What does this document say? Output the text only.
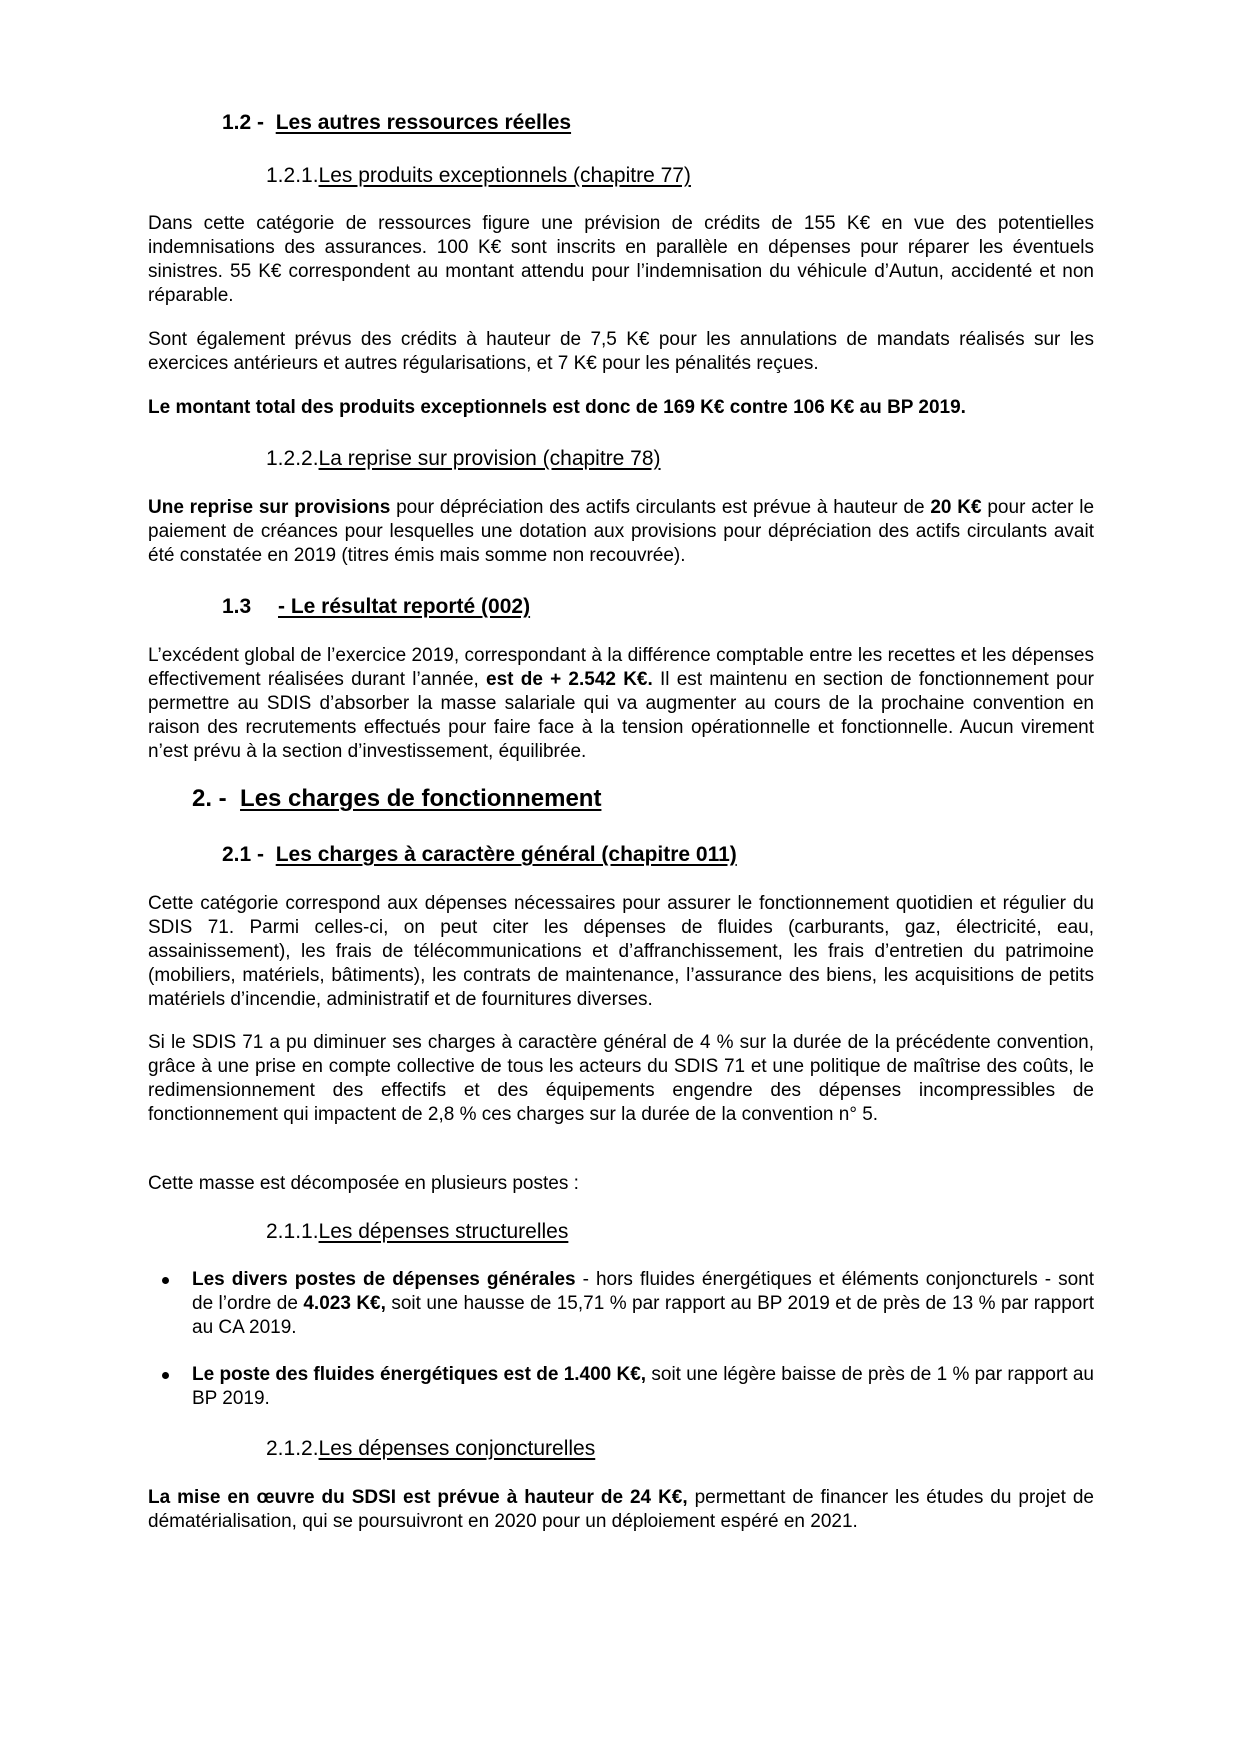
1.2 - Les autres ressources réelles
1.2.1.Les produits exceptionnels (chapitre 77)
Dans cette catégorie de ressources figure une prévision de crédits de 155 K€ en vue des potentielles indemnisations des assurances. 100 K€ sont inscrits en parallèle en dépenses pour réparer les éventuels sinistres. 55 K€ correspondent au montant attendu pour l’indemnisation du véhicule d’Autun, accidenté et non réparable.
Sont également prévus des crédits à hauteur de 7,5 K€ pour les annulations de mandats réalisés sur les exercices antérieurs et autres régularisations, et 7 K€ pour les pénalités reçues.
Le montant total des produits exceptionnels est donc de 169 K€ contre 106 K€ au BP 2019.
1.2.2.La reprise sur provision (chapitre 78)
Une reprise sur provisions pour dépréciation des actifs circulants est prévue à hauteur de 20 K€ pour acter le paiement de créances pour lesquelles une dotation aux provisions pour dépréciation des actifs circulants avait été constatée en 2019 (titres émis mais somme non recouvrée).
1.3 - Le résultat reporté (002)
L’excédent global de l’exercice 2019, correspondant à la différence comptable entre les recettes et les dépenses effectivement réalisées durant l’année, est de + 2.542 K€. Il est maintenu en section de fonctionnement pour permettre au SDIS d’absorber la masse salariale qui va augmenter au cours de la prochaine convention en raison des recrutements effectués pour faire face à la tension opérationnelle et fonctionnelle. Aucun virement n’est prévu à la section d’investissement, équilibrée.
2. - Les charges de fonctionnement
2.1 - Les charges à caractère général (chapitre 011)
Cette catégorie correspond aux dépenses nécessaires pour assurer le fonctionnement quotidien et régulier du SDIS 71. Parmi celles-ci, on peut citer les dépenses de fluides (carburants, gaz, électricité, eau, assainissement), les frais de télécommunications et d’affranchissement, les frais d’entretien du patrimoine (mobiliers, matériels, bâtiments), les contrats de maintenance, l’assurance des biens, les acquisitions de petits matériels d’incendie, administratif et de fournitures diverses.
Si le SDIS 71 a pu diminuer ses charges à caractère général de 4 % sur la durée de la précédente convention, grâce à une prise en compte collective de tous les acteurs du SDIS 71 et une politique de maîtrise des coûts, le redimensionnement des effectifs et des équipements engendre des dépenses incompressibles de fonctionnement qui impactent de 2,8 % ces charges sur la durée de la convention n° 5.
Cette masse est décomposée en plusieurs postes :
2.1.1.Les dépenses structurelles
Les divers postes de dépenses générales - hors fluides énergétiques et éléments conjoncturels - sont de l’ordre de 4.023 K€, soit une hausse de 15,71 % par rapport au BP 2019 et de près de 13 % par rapport au CA 2019.
Le poste des fluides énergétiques est de 1.400 K€, soit une légère baisse de près de 1 % par rapport au BP 2019.
2.1.2.Les dépenses conjoncturelles
La mise en œuvre du SDSI est prévue à hauteur de 24 K€, permettant de financer les études du projet de dématérialisation, qui se poursuivront en 2020 pour un déploiement espéré en 2021.
